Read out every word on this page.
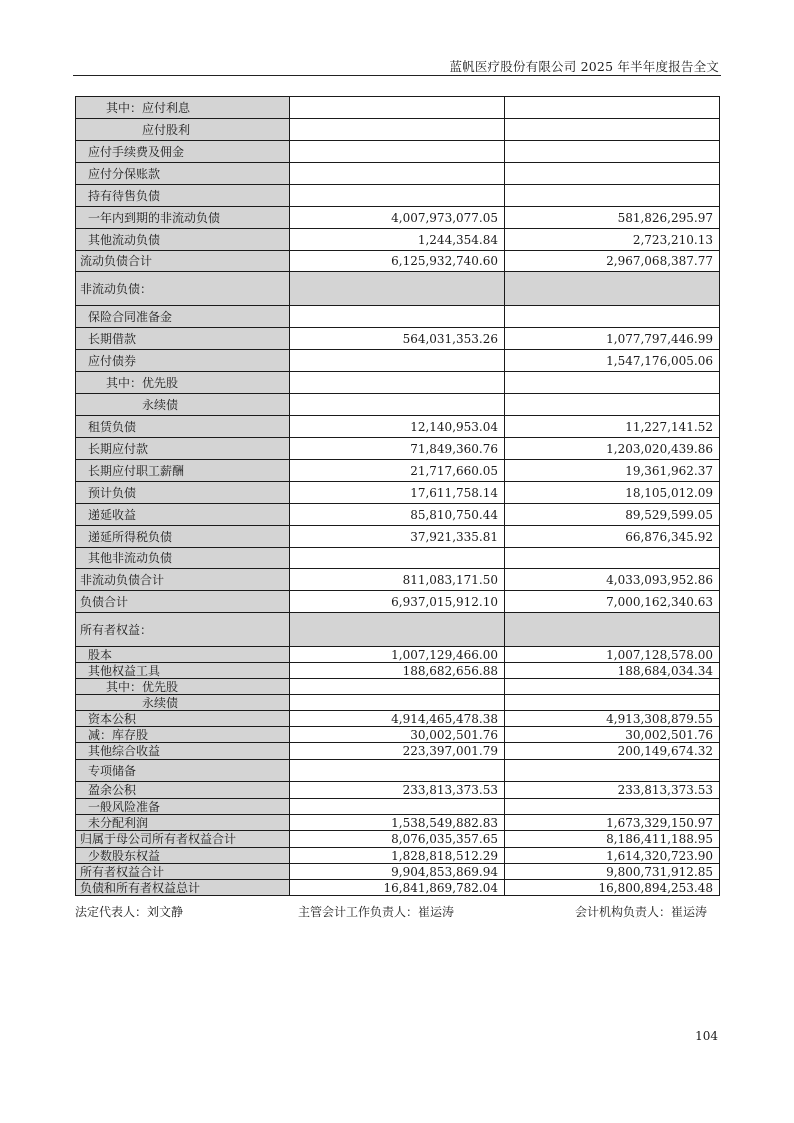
蓝帆医疗股份有限公司 2025 年半年度报告全文
其中：应付利息		
应付股利		
应付手续费及佣金		
应付分保账款		
持有待售负债		
一年内到期的非流动负债	4,007,973,077.05	581,826,295.97
其他流动负债	1,244,354.84	2,723,210.13
流动负债合计	6,125,932,740.60	2,967,068,387.77
非流动负债：		
保险合同准备金		
长期借款	564,031,353.26	1,077,797,446.99
应付债券		1,547,176,005.06
其中：优先股		
永续债		
租赁负债	12,140,953.04	11,227,141.52
长期应付款	71,849,360.76	1,203,020,439.86
长期应付职工薪酬	21,717,660.05	19,361,962.37
预计负债	17,611,758.14	18,105,012.09
递延收益	85,810,750.44	89,529,599.05
递延所得税负债	37,921,335.81	66,876,345.92
其他非流动负债		
非流动负债合计	811,083,171.50	4,033,093,952.86
负债合计	6,937,015,912.10	7,000,162,340.63
所有者权益：		
股本	1,007,129,466.00	1,007,128,578.00
其他权益工具	188,682,656.88	188,684,034.34
其中：优先股		
永续债		
资本公积	4,914,465,478.38	4,913,308,879.55
减：库存股	30,002,501.76	30,002,501.76
其他综合收益	223,397,001.79	200,149,674.32
专项储备		
盈余公积	233,813,373.53	233,813,373.53
一般风险准备		
未分配利润	1,538,549,882.83	1,673,329,150.97
归属于母公司所有者权益合计	8,076,035,357.65	8,186,411,188.95
少数股东权益	1,828,818,512.29	1,614,320,723.90
所有者权益合计	9,904,853,869.94	9,800,731,912.85
负债和所有者权益总计	16,841,869,782.04	16,800,894,253.48
法定代表人：刘文静	主管会计工作负责人：崔运涛	会计机构负责人：崔运涛
104
